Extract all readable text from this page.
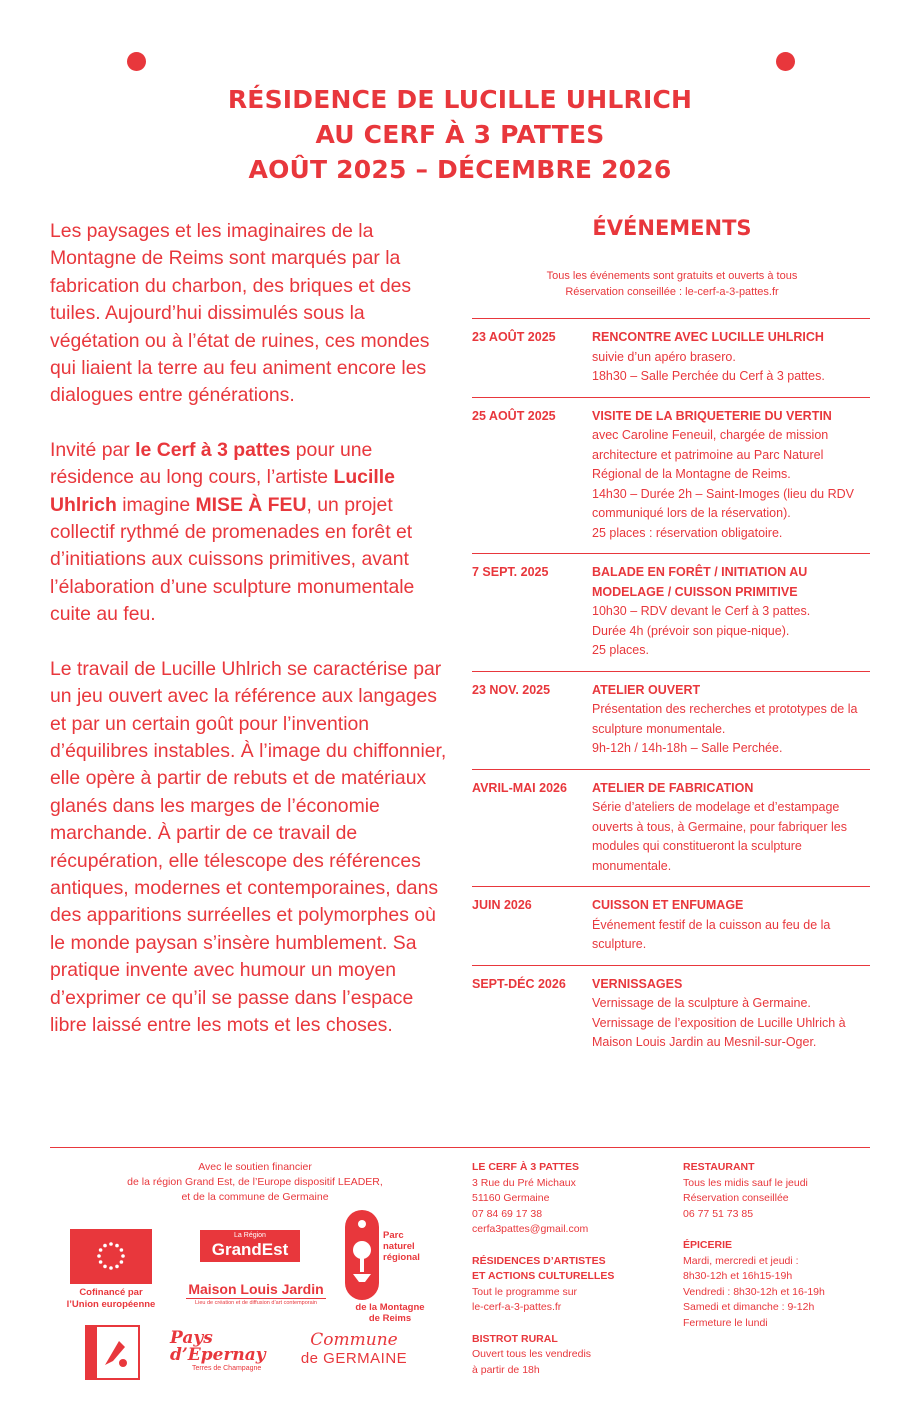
RÉSIDENCE DE LUCILLE UHLRICH
AU CERF À 3 PATTES
AOÛT 2025 – DÉCEMBRE 2026

Les paysages et les imaginaires de la Montagne de Reims sont marqués par la fabrication du charbon, des briques et des tuiles. Aujourd’hui dissimulés sous la végétation ou à l’état de ruines, ces mondes qui liaient la terre au feu animent encore les dialogues entre générations.

Invité par le Cerf à 3 pattes pour une résidence au long cours, l’artiste Lucille Uhlrich imagine MISE À FEU, un projet collectif rythmé de promenades en forêt et d’initiations aux cuissons primitives, avant l’élaboration d’une sculpture monumentale cuite au feu.

Le travail de Lucille Uhlrich se caractérise par un jeu ouvert avec la référence aux langages et par un certain goût pour l’invention d’équilibres instables. À l’image du chiffonnier, elle opère à partir de rebuts et de matériaux glanés dans les marges de l’économie marchande. À partir de ce travail de récupération, elle télescope des références antiques, modernes et contemporaines, dans des apparitions surréelles et polymorphes où le monde paysan s’insère humblement. Sa pratique invente avec humour un moyen d’exprimer ce qu’il se passe dans l’espace libre laissé entre les mots et les choses.

ÉVÉNEMENTS
Tous les événements sont gratuits et ouverts à tous
Réservation conseillée : le-cerf-a-3-pattes.fr
23 AOÛT 2025	RENCONTRE AVEC LUCILLE UHLRICH
suivie d’un apéro brasero.
18h30 – Salle Perchée du Cerf à 3 pattes.
25 AOÛT 2025	VISITE DE LA BRIQUETERIE DU VERTIN
avec Caroline Feneuil, chargée de mission architecture et patrimoine au Parc Naturel Régional de la Montagne de Reims.
14h30 – Durée 2h – Saint-Imoges (lieu du RDV communiqué lors de la réservation).
25 places : réservation obligatoire.
7 SEPT. 2025	BALADE EN FORÊT / INITIATION AU MODELAGE / CUISSON PRIMITIVE
10h30 – RDV devant le Cerf à 3 pattes.
Durée 4h (prévoir son pique-nique).
25 places.
23 NOV. 2025	ATELIER OUVERT
Présentation des recherches et prototypes de la sculpture monumentale.
9h-12h / 14h-18h – Salle Perchée.
AVRIL-MAI 2026	ATELIER DE FABRICATION
Série d’ateliers de modelage et d’estampage ouverts à tous, à Germaine, pour fabriquer les modules qui constitueront la sculpture monumentale.
JUIN 2026	CUISSON ET ENFUMAGE
Événement festif de la cuisson au feu de la sculpture.
SEPT-DÉC 2026	VERNISSAGES
Vernissage de la sculpture à Germaine.
Vernissage de l’exposition de Lucille Uhlrich à Maison Louis Jardin au Mesnil-sur-Oger.
Avec le soutien financier
de la région Grand Est, de l’Europe dispositif LEADER,
et de la commune de Germaine
Cofinancé par
l’Union européenne
La Région
GrandEst
Maison Louis Jardin
Lieu de création et de diffusion d’art contemporain
Parc
naturel
régional
de la Montagne
de Reims
Pays
d’Epernay
Terres de Champagne
Commune
de GERMAINE
LE CERF À 3 PATTES
3 Rue du Pré Michaux
51160 Germaine
07 84 69 17 38
cerfa3pattes@gmail.com
RÉSIDENCES D’ARTISTES
ET ACTIONS CULTURELLES
Tout le programme sur
le-cerf-a-3-pattes.fr
BISTROT RURAL
Ouvert tous les vendredis
à partir de 18h
RESTAURANT
Tous les midis sauf le jeudi
Réservation conseillée
06 77 51 73 85
ÉPICERIE
Mardi, mercredi et jeudi :
8h30-12h et 16h15-19h
Vendredi : 8h30-12h et 16-19h
Samedi et dimanche : 9-12h
Fermeture le lundi
